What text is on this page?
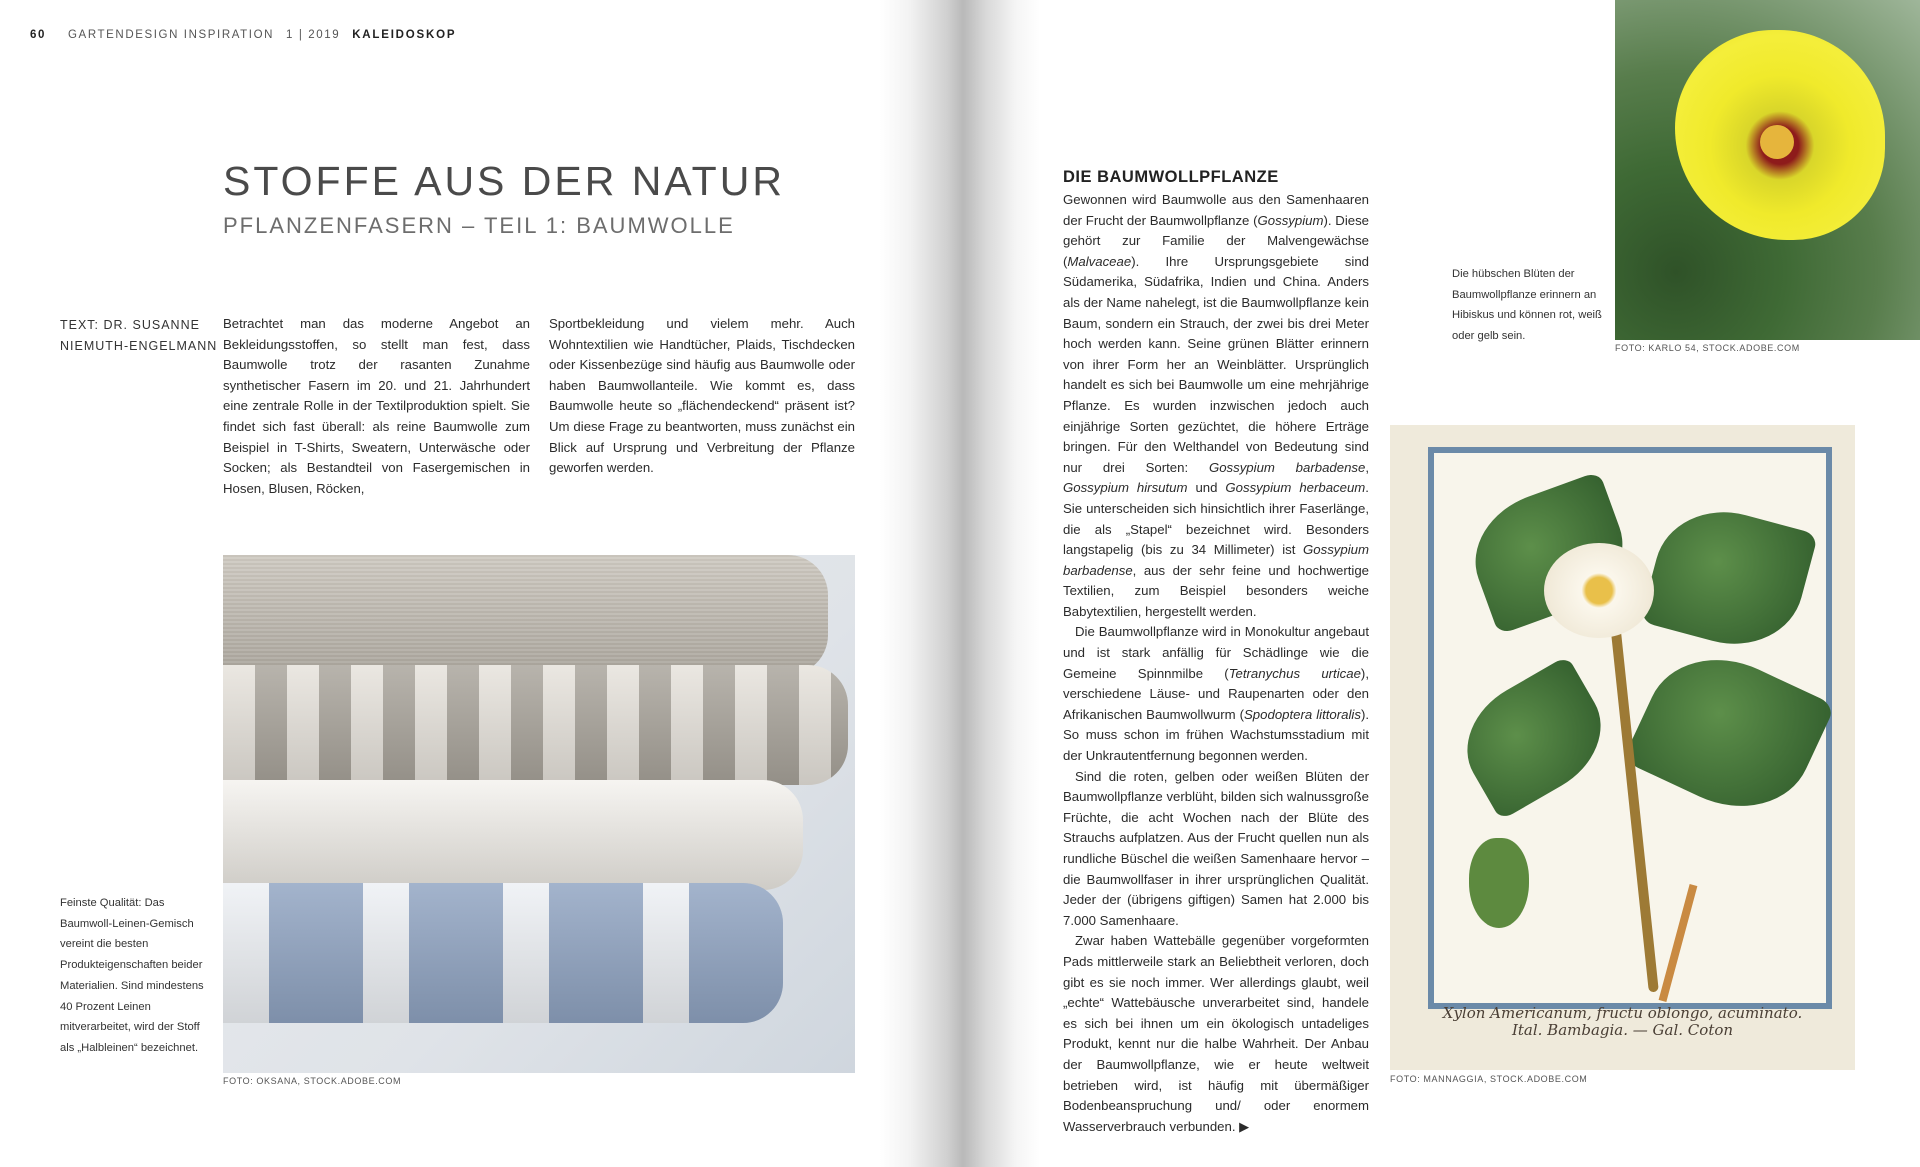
60 GARTENDESIGN INSPIRATION 1 | 2019 KALEIDOSKOP
STOFFE AUS DER NATUR
PFLANZENFASERN – TEIL 1: BAUMWOLLE
TEXT: DR. SUSANNE
NIEMUTH-ENGELMANN

Betrachtet man das moderne Angebot an Bekleidungsstoffen, so stellt man fest, dass Baumwolle trotz der rasanten Zunahme synthetischer Fasern im 20. und 21. Jahrhundert eine zentrale Rolle in der Textilproduktion spielt. Sie findet sich fast überall: als reine Baumwolle zum Beispiel in T-Shirts, Sweatern, Unterwäsche oder Socken; als Bestandteil von Fasergemischen in Hosen, Blusen, Röcken,

Sportbekleidung und vielem mehr. Auch Wohntextilien wie Handtücher, Plaids, Tischdecken oder Kissenbezüge sind häufig aus Baumwolle oder haben Baumwollanteile. Wie kommt es, dass Baumwolle heute so „flächendeckend“ präsent ist? Um diese Frage zu beantworten, muss zunächst ein Blick auf Ursprung und Verbreitung der Pflanze geworfen werden.

FOTO: OKSANA, STOCK.ADOBE.COM
Feinste Qualität: Das Baumwoll-Leinen-Gemisch vereint die besten Produkteigenschaften beider Materialien. Sind mindestens 40 Prozent Leinen mitverarbeitet, wird der Stoff als „Halbleinen“ bezeichnet.
FOTO: KARLO 54, STOCK.ADOBE.COM
Die hübschen Blüten der Baumwollpflanze erinnern an Hibiskus und können rot, weiß oder gelb sein.
DIE BAUMWOLLPFLANZE

Gewonnen wird Baumwolle aus den Samenhaaren der Frucht der Baumwollpflanze (Gossypium). Diese gehört zur Familie der Malvengewächse (Malvaceae). Ihre Ursprungsgebiete sind Südamerika, Südafrika, Indien und China. Anders als der Name nahelegt, ist die Baumwollpflanze kein Baum, sondern ein Strauch, der zwei bis drei Meter hoch werden kann. Seine grünen Blätter erinnern von ihrer Form her an Weinblätter. Ursprünglich handelt es sich bei Baumwolle um eine mehrjährige Pflanze. Es wurden inzwischen jedoch auch einjährige Sorten gezüchtet, die höhere Erträge bringen. Für den Welthandel von Bedeutung sind nur drei Sorten: Gossypium barbadense, Gossypium hirsutum und Gossypium herbaceum. Sie unterscheiden sich hinsichtlich ihrer Faserlänge, die als „Stapel“ bezeichnet wird. Besonders langstapelig (bis zu 34 Millimeter) ist Gossypium barbadense, aus der sehr feine und hochwertige Textilien, zum Beispiel besonders weiche Babytextilien, hergestellt werden.

Die Baumwollpflanze wird in Monokultur angebaut und ist stark anfällig für Schädlinge wie die Gemeine Spinnmilbe (Tetranychus urticae), verschiedene Läuse- und Raupenarten oder den Afrikanischen Baumwollwurm (Spodoptera littoralis). So muss schon im frühen Wachstumsstadium mit der Unkrautentfernung begonnen werden.

Sind die roten, gelben oder weißen Blüten der Baumwollpflanze verblüht, bilden sich walnussgroße Früchte, die acht Wochen nach der Blüte des Strauchs aufplatzen. Aus der Frucht quellen nun als rundliche Büschel die weißen Samenhaare hervor – die Baumwollfaser in ihrer ursprünglichen Qualität. Jeder der (übrigens giftigen) Samen hat 2.000 bis 7.000 Samenhaare.

Zwar haben Wattebälle gegenüber vorgeformten Pads mittlerweile stark an Beliebtheit verloren, doch gibt es sie noch immer. Wer allerdings glaubt, weil „echte“ Wattebäusche unverarbeitet sind, handele es sich bei ihnen um ein ökologisch untadeliges Produkt, kennt nur die halbe Wahrheit. Der Anbau der Baumwollpflanze, wie er heute weltweit betrieben wird, ist häufig mit übermäßiger Bodenbeanspruchung und/ oder enormem Wasserverbrauch verbunden. ▶

Xylon Americanum, fructu oblongo, acuminato.
Ital. Bambagia. — Gal. Coton
FOTO: MANNAGGIA, STOCK.ADOBE.COM
